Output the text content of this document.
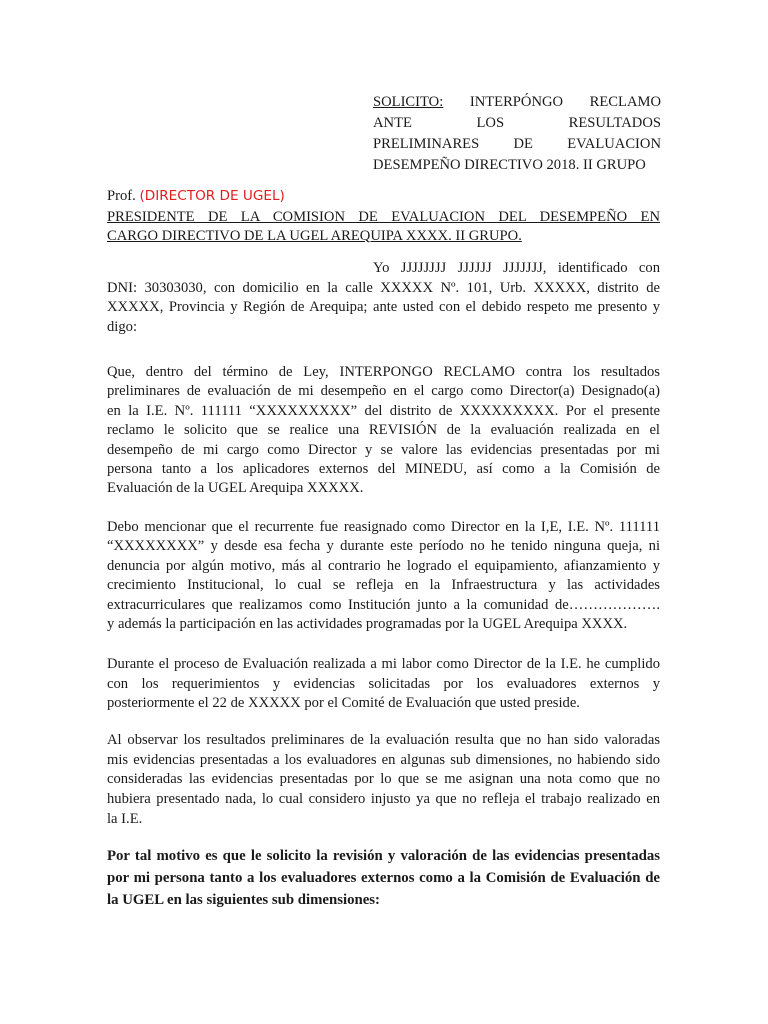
SOLICITO: INTERPÓNGO RECLAMO
ANTE LOS RESULTADOS
PRELIMINARES DE EVALUACION
DESEMPEÑO DIRECTIVO 2018. II GRUPO
Prof. (DIRECTOR DE UGEL)
PRESIDENTE DE LA COMISION DE EVALUACION DEL DESEMPEÑO EN
CARGO DIRECTIVO DE LA UGEL AREQUIPA XXXX. II GRUPO.
Yo JJJJJJJJ JJJJJJ JJJJJJJ, identificado con
DNI: 30303030, con domicilio en la calle XXXXX Nº. 101, Urb. XXXXX, distrito de
XXXXX, Provincia y Región de Arequipa; ante usted con el debido respeto me presento y
digo:
Que, dentro del término de Ley, INTERPONGO RECLAMO contra los resultados
preliminares de evaluación de mi desempeño en el cargo como Director(a) Designado(a)
en la I.E. Nº. 111111 “XXXXXXXXX” del distrito de XXXXXXXXX. Por el presente
reclamo le solicito que se realice una REVISIÓN de la evaluación realizada en el
desempeño de mi cargo como Director y se valore las evidencias presentadas por mi
persona tanto a los aplicadores externos del MINEDU, así como a la Comisión de
Evaluación de la UGEL Arequipa XXXXX.
Debo mencionar que el recurrente fue reasignado como Director en la I,E, I.E. Nº. 111111
“XXXXXXXX” y desde esa fecha y durante este período no he tenido ninguna queja, ni
denuncia por algún motivo, más al contrario he logrado el equipamiento, afianzamiento y
crecimiento Institucional, lo cual se refleja en la Infraestructura y las actividades
extracurriculares que realizamos como Institución junto a la comunidad de……………….
y además la participación en las actividades programadas por la UGEL Arequipa XXXX.
Durante el proceso de Evaluación realizada a mi labor como Director de la I.E. he cumplido
con los requerimientos y evidencias solicitadas por los evaluadores externos y
posteriormente el 22 de XXXXX por el Comité de Evaluación que usted preside.
Al observar los resultados preliminares de la evaluación resulta que no han sido valoradas
mis evidencias presentadas a los evaluadores en algunas sub dimensiones, no habiendo sido
consideradas las evidencias presentadas por lo que se me asignan una nota como que no
hubiera presentado nada, lo cual considero injusto ya que no refleja el trabajo realizado en
la I.E.
Por tal motivo es que le solicito la revisión y valoración de las evidencias presentadas
por mi persona tanto a los evaluadores externos como a la Comisión de Evaluación de
la UGEL en las siguientes sub dimensiones:
